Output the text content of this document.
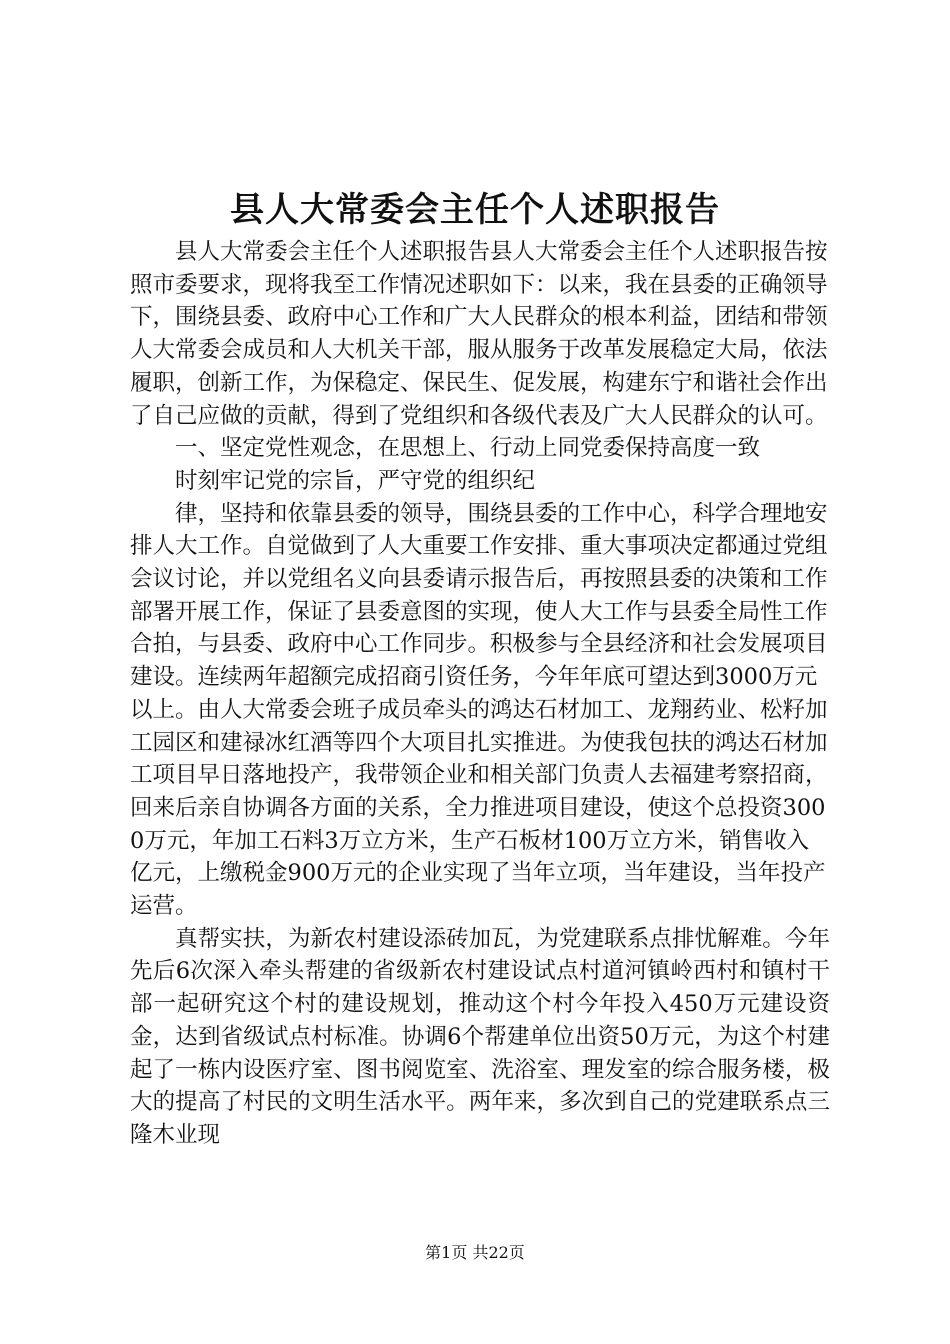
县人大常委会主任个人述职报告

县人大常委会主任个人述职报告县人大常委会主任个人述职报告按照市委要求，现将我至工作情况述职如下：以来，我在县委的正确领导下，围绕县委、政府中心工作和广大人民群众的根本利益，团结和带领人大常委会成员和人大机关干部，服从服务于改革发展稳定大局，依法履职，创新工作，为保稳定、保民生、促发展，构建东宁和谐社会作出了自己应做的贡献，得到了党组织和各级代表及广大人民群众的认可。

一、坚定党性观念，在思想上、行动上同党委保持高度一致

时刻牢记党的宗旨，严守党的组织纪

律，坚持和依靠县委的领导，围绕县委的工作中心，科学合理地安排人大工作。自觉做到了人大重要工作安排、重大事项决定都通过党组会议讨论，并以党组名义向县委请示报告后，再按照县委的决策和工作部署开展工作，保证了县委意图的实现，使人大工作与县委全局性工作合拍，与县委、政府中心工作同步。积极参与全县经济和社会发展项目建设。连续两年超额完成招商引资任务，今年年底可望达到3000万元以上。由人大常委会班子成员牵头的鸿达石材加工、龙翔药业、松籽加工园区和建禄冰红酒等四个大项目扎实推进。为使我包扶的鸿达石材加工项目早日落地投产，我带领企业和相关部门负责人去福建考察招商，回来后亲自协调各方面的关系，全力推进项目建设，使这个总投资3000万元，年加工石料3万立方米，生产石板材100万立方米，销售收入亿元，上缴税金900万元的企业实现了当年立项，当年建设，当年投产运营。

真帮实扶，为新农村建设添砖加瓦，为党建联系点排忧解难。今年先后6次深入牵头帮建的省级新农村建设试点村道河镇岭西村和镇村干部一起研究这个村的建设规划，推动这个村今年投入450万元建设资金，达到省级试点村标准。协调6个帮建单位出资50万元，为这个村建起了一栋内设医疗室、图书阅览室、洗浴室、理发室的综合服务楼，极大的提高了村民的文明生活水平。两年来，多次到自己的党建联系点三隆木业现

第1页 共22页
